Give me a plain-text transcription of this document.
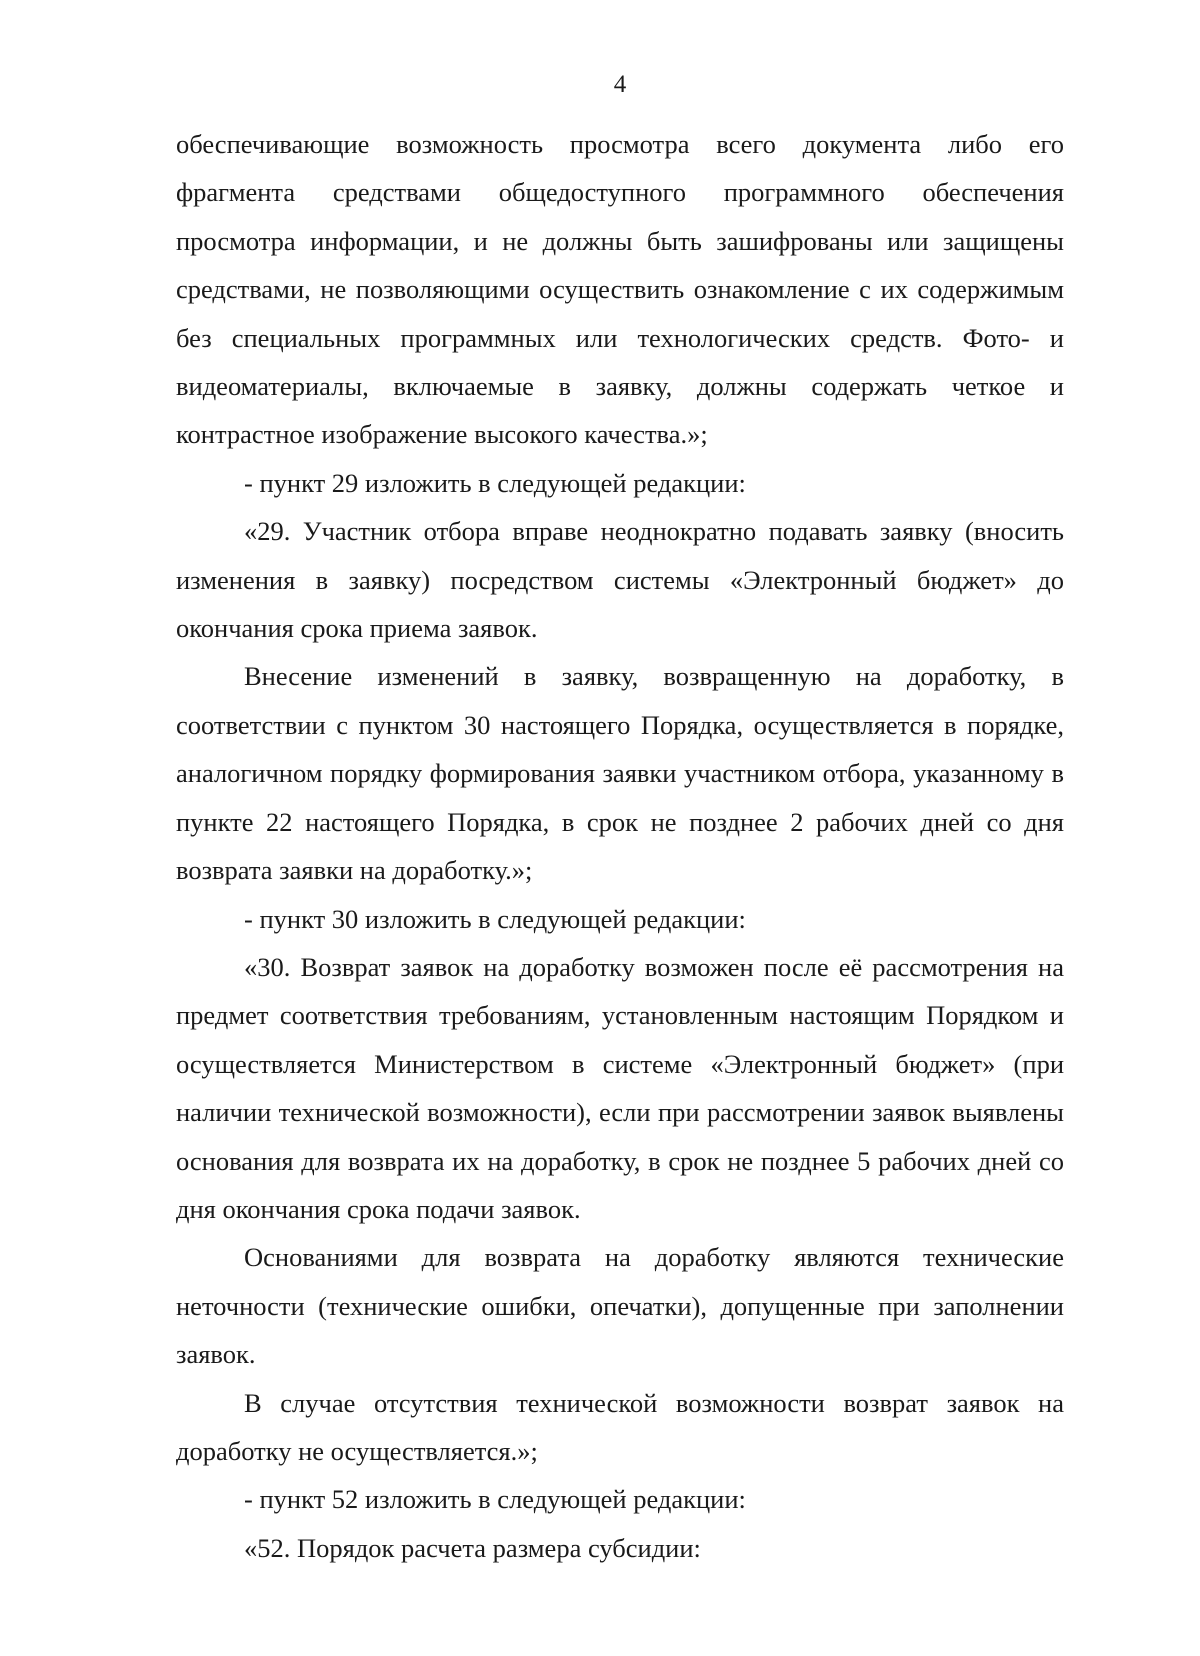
4

обеспечивающие возможность просмотра всего документа либо его фрагмента средствами общедоступного программного обеспечения просмотра информации, и не должны быть зашифрованы или защищены средствами, не позволяющими осуществить ознакомление с их содержимым без специальных программных или технологических средств. Фото- и видеоматериалы, включаемые в заявку, должны содержать четкое и контрастное изображение высокого качества.»;

- пункт 29 изложить в следующей редакции:

«29. Участник отбора вправе неоднократно подавать заявку (вносить изменения в заявку) посредством системы «Электронный бюджет» до окончания срока приема заявок.

Внесение изменений в заявку, возвращенную на доработку, в соответствии с пунктом 30 настоящего Порядка, осуществляется в порядке, аналогичном порядку формирования заявки участником отбора, указанному в пункте 22 настоящего Порядка, в срок не позднее 2 рабочих дней со дня возврата заявки на доработку.»;

- пункт 30 изложить в следующей редакции:

«30. Возврат заявок на доработку возможен после её рассмотрения на предмет соответствия требованиям, установленным настоящим Порядком и осуществляется Министерством в системе «Электронный бюджет» (при наличии технической возможности), если при рассмотрении заявок выявлены основания для возврата их на доработку, в срок не позднее 5 рабочих дней со дня окончания срока подачи заявок.

Основаниями для возврата на доработку являются технические неточности (технические ошибки, опечатки), допущенные при заполнении заявок.

В случае отсутствия технической возможности возврат заявок на доработку не осуществляется.»;

- пункт 52 изложить в следующей редакции:

«52. Порядок расчета размера субсидии:
